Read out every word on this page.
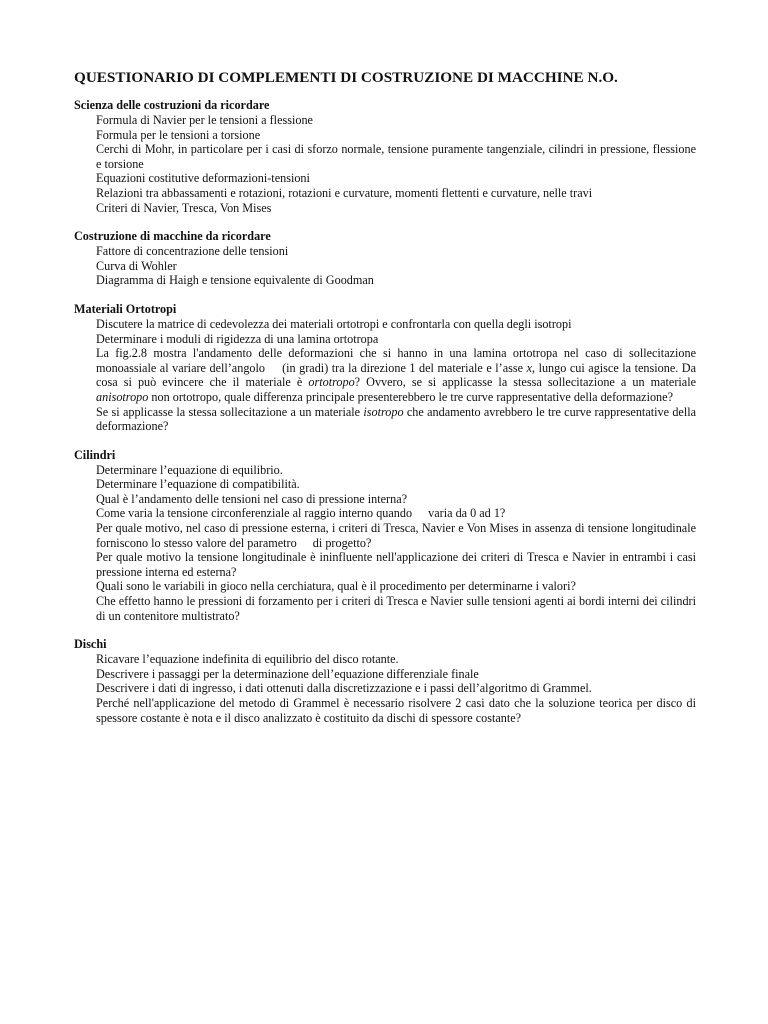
QUESTIONARIO DI COMPLEMENTI DI COSTRUZIONE DI MACCHINE N.O.
Scienza delle costruzioni da ricordare
Formula di Navier per le tensioni a flessione
Formula per le tensioni a torsione
Cerchi di Mohr, in particolare per i casi di sforzo normale, tensione puramente tangenziale, cilindri in pressione, flessione e torsione
Equazioni costitutive deformazioni-tensioni
Relazioni tra abbassamenti e rotazioni, rotazioni e curvature, momenti flettenti e curvature, nelle travi
Criteri di Navier, Tresca, Von Mises
Costruzione di macchine da ricordare
Fattore di concentrazione delle tensioni
Curva di Wohler
Diagramma di Haigh e tensione equivalente di Goodman
Materiali Ortotropi
Discutere la matrice di cedevolezza dei materiali ortotropi e confrontarla con quella degli isotropi
Determinare i moduli di rigidezza di una lamina ortotropa
La fig.2.8 mostra l'andamento delle deformazioni che si hanno in una lamina ortotropa nel caso di sollecitazione monoassiale al variare dell’angolo (in gradi) tra la direzione 1 del materiale e l’asse x, lungo cui agisce la tensione. Da cosa si può evincere che il materiale è ortotropo? Ovvero, se si applicasse la stessa sollecitazione a un materiale anisotropo non ortotropo, quale differenza principale presenterebbero le tre curve rappresentative della deformazione?
Se si applicasse la stessa sollecitazione a un materiale isotropo che andamento avrebbero le tre curve rappresentative della deformazione?
Cilindri
Determinare l’equazione di equilibrio.
Determinare l’equazione di compatibilità.
Qual è l’andamento delle tensioni nel caso di pressione interna?
Come varia la tensione circonferenziale al raggio interno quando varia da 0 ad 1?
Per quale motivo, nel caso di pressione esterna, i criteri di Tresca, Navier e Von Mises in assenza di tensione longitudinale forniscono lo stesso valore del parametro di progetto?
Per quale motivo la tensione longitudinale è ininfluente nell'applicazione dei criteri di Tresca e Navier in entrambi i casi pressione interna ed esterna?
Quali sono le variabili in gioco nella cerchiatura, qual è il procedimento per determinarne i valori?
Che effetto hanno le pressioni di forzamento per i criteri di Tresca e Navier sulle tensioni agenti ai bordi interni dei cilindri di un contenitore multistrato?
Dischi
Ricavare l’equazione indefinita di equilibrio del disco rotante.
Descrivere i passaggi per la determinazione dell’equazione differenziale finale
Descrivere i dati di ingresso, i dati ottenuti dalla discretizzazione e i passi dell’algoritmo di Grammel.
Perché nell'applicazione del metodo di Grammel è necessario risolvere 2 casi dato che la soluzione teorica per disco di spessore costante è nota e il disco analizzato è costituito da dischi di spessore costante?
